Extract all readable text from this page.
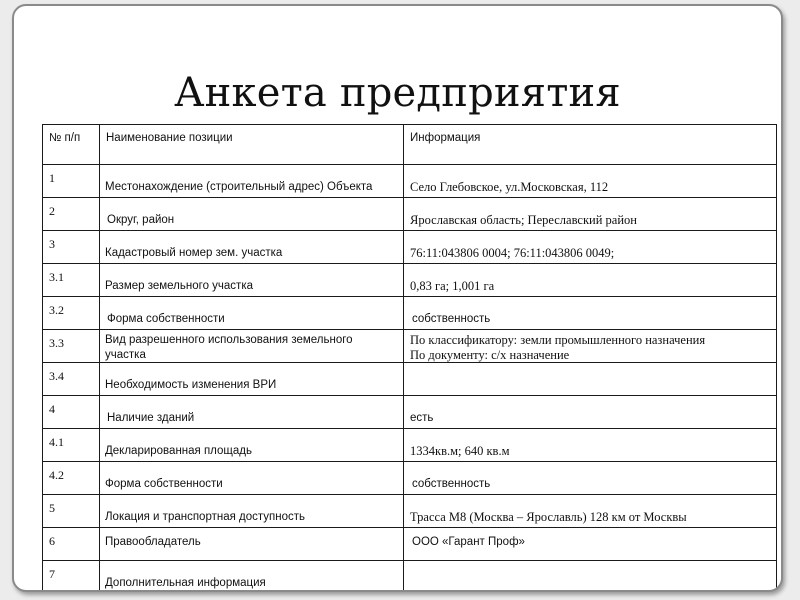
Анкета предприятия
№ п/п	Наименование позиции	Информация

1	Местонахождение (строительный адрес) Объекта	Село Глебовское, ул.Московская, 112

2	Округ, район	Ярославская область; Переславский район

3	Кадастровый номер зем. участка	76:11:043806 0004; 76:11:043806 0049;

3.1	Размер земельного участка	0,83 га; 1,001 га

3.2	Форма собственности	собственность

3.3	Вид разрешенного использования земельного
участка	По классификатору: земли промышленного назначения
По документу: с/х назначение

3.4	Необходимость изменения ВРИ	

4	Наличие зданий	есть

4.1	Декларированная площадь	1334кв.м; 640 кв.м

4.2	Форма собственности	собственность

5	Локация и транспортная доступность	Трасса М8 (Москва – Ярославль) 128 км от Москвы

6	Правообладатель	ООО «Гарант Проф»

7	Дополнительная информация	
